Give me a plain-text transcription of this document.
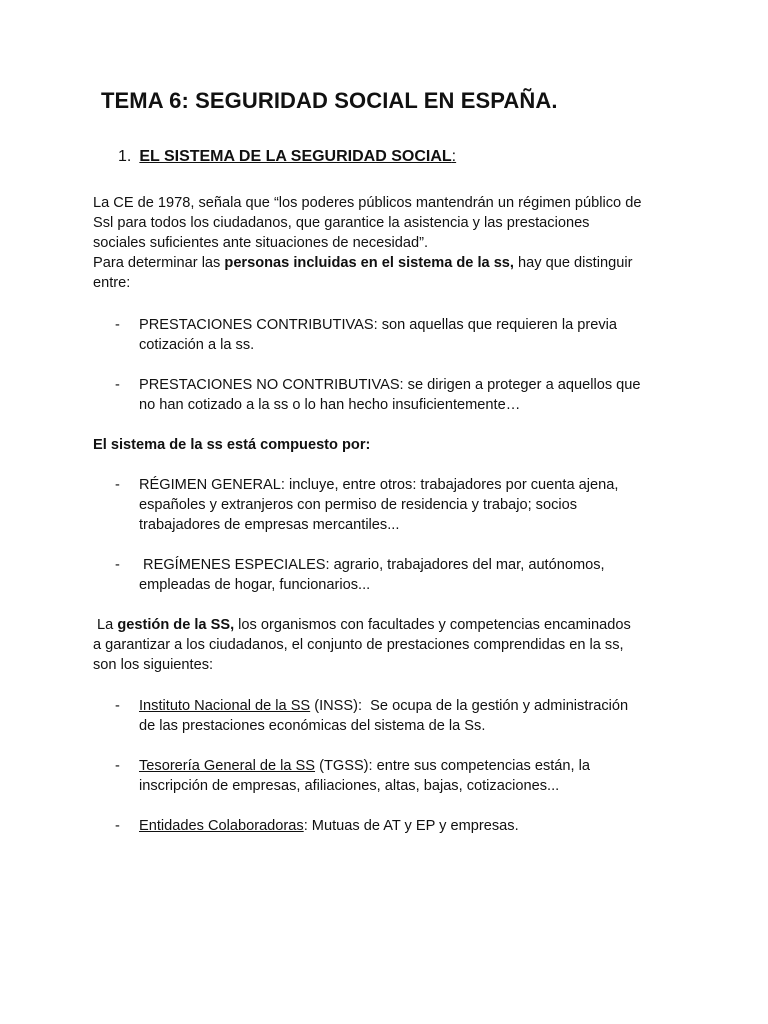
TEMA 6: SEGURIDAD SOCIAL EN ESPAÑA.
1. EL SISTEMA DE LA SEGURIDAD SOCIAL:
La CE de 1978, señala que “los poderes públicos mantendrán un régimen público de
Ssl para todos los ciudadanos, que garantice la asistencia y las prestaciones
sociales suficientes ante situaciones de necesidad”.
Para determinar las personas incluidas en el sistema de la ss, hay que distinguir
entre:
- PRESTACIONES CONTRIBUTIVAS: son aquellas que requieren la previa
cotización a la ss.
- PRESTACIONES NO CONTRIBUTIVAS: se dirigen a proteger a aquellos que
no han cotizado a la ss o lo han hecho insuficientemente…
El sistema de la ss está compuesto por:
- RÉGIMEN GENERAL: incluye, entre otros: trabajadores por cuenta ajena,
españoles y extranjeros con permiso de residencia y trabajo; socios
trabajadores de empresas mercantiles...
- REGÍMENES ESPECIALES: agrario, trabajadores del mar, autónomos,
empleadas de hogar, funcionarios...
La gestión de la SS, los organismos con facultades y competencias encaminados
a garantizar a los ciudadanos, el conjunto de prestaciones comprendidas en la ss,
son los siguientes:
- Instituto Nacional de la SS (INSS):  Se ocupa de la gestión y administración
de las prestaciones económicas del sistema de la Ss.
- Tesorería General de la SS (TGSS): entre sus competencias están, la
inscripción de empresas, afiliaciones, altas, bajas, cotizaciones...
- Entidades Colaboradoras: Mutuas de AT y EP y empresas.
